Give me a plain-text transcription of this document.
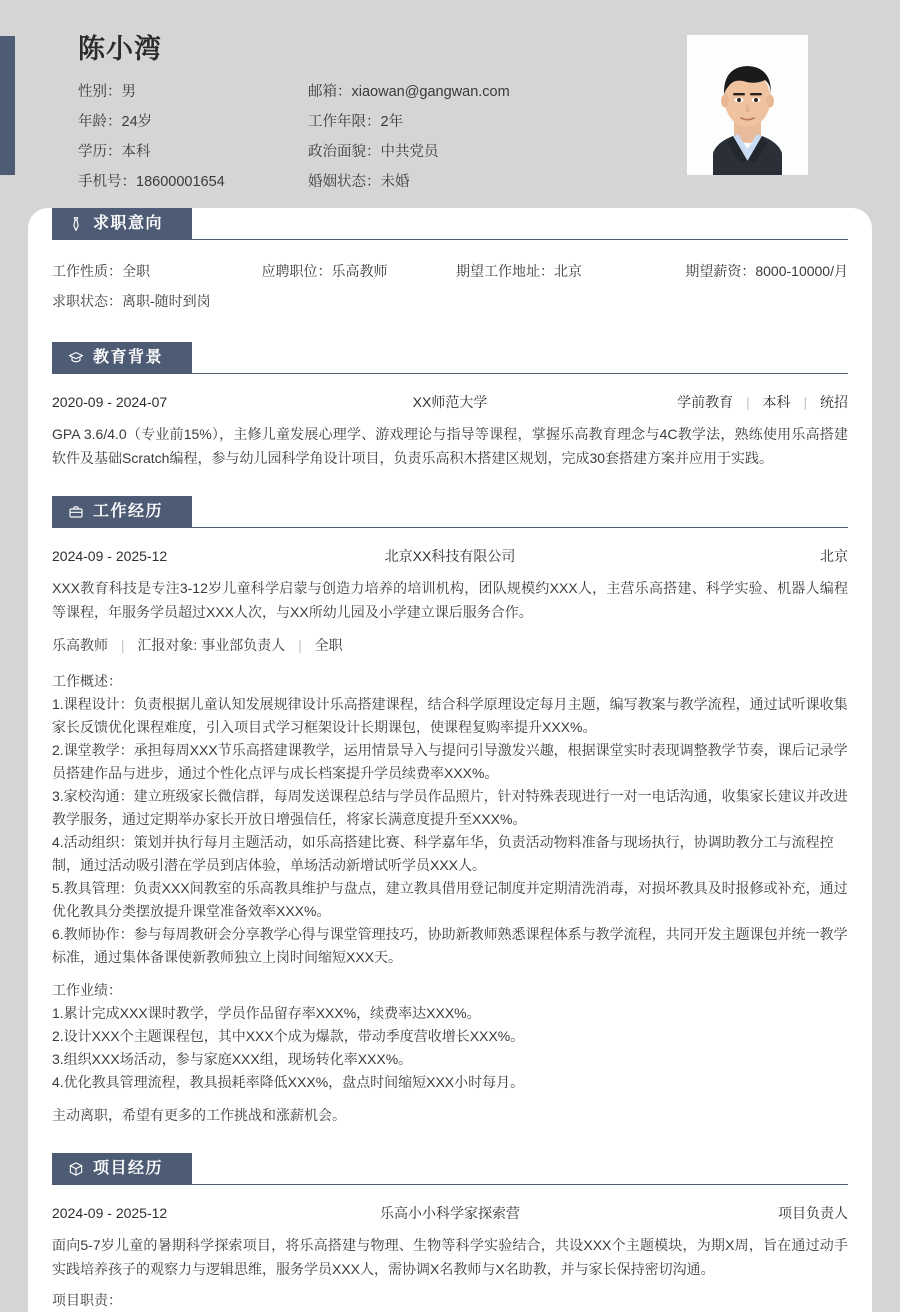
陈小湾
性别：男	邮箱：xiaowan@gangwan.com
年龄：24岁	工作年限：2年
学历：本科	政治面貌：中共党员
手机号：18600001654	婚姻状态：未婚
求职意向
工作性质：全职	应聘职位：乐高教师	期望工作地址：北京	期望薪资：8000-10000/月
求职状态：离职-随时到岗
教育背景
2020-09 - 2024-07	XX师范大学	学前教育 | 本科 | 统招

GPA 3.6/4.0（专业前15%），主修儿童发展心理学、游戏理论与指导等课程，掌握乐高教育理念与4C教学法，熟练使用乐高搭建软件及基础Scratch编程，参与幼儿园科学角设计项目，负责乐高积木搭建区规划，完成30套搭建方案并应用于实践。

工作经历
2024-09 - 2025-12	北京XX科技有限公司	北京

XXX教育科技是专注3-12岁儿童科学启蒙与创造力培养的培训机构，团队规模约XXX人，主营乐高搭建、科学实验、机器人编程等课程，年服务学员超过XXX人次，与XX所幼儿园及小学建立课后服务合作。

乐高教师 | 汇报对象: 事业部负责人 | 全职
工作概述：
1.课程设计：负责根据儿童认知发展规律设计乐高搭建课程，结合科学原理设定每月主题，编写教案与教学流程，通过试听课收集家长反馈优化课程难度，引入项目式学习框架设计长期课包，使课程复购率提升XXX%。
2.课堂教学：承担每周XXX节乐高搭建课教学，运用情景导入与提问引导激发兴趣，根据课堂实时表现调整教学节奏，课后记录学员搭建作品与进步，通过个性化点评与成长档案提升学员续费率XXX%。
3.家校沟通：建立班级家长微信群，每周发送课程总结与学员作品照片，针对特殊表现进行一对一电话沟通，收集家长建议并改进教学服务，通过定期举办家长开放日增强信任，将家长满意度提升至XXX%。
4.活动组织：策划并执行每月主题活动，如乐高搭建比赛、科学嘉年华，负责活动物料准备与现场执行，协调助教分工与流程控制，通过活动吸引潜在学员到店体验，单场活动新增试听学员XXX人。
5.教具管理：负责XXX间教室的乐高教具维护与盘点，建立教具借用登记制度并定期清洗消毒，对损坏教具及时报修或补充，通过优化教具分类摆放提升课堂准备效率XXX%。
6.教师协作：参与每周教研会分享教学心得与课堂管理技巧，协助新教师熟悉课程体系与教学流程，共同开发主题课包并统一教学标准，通过集体备课使新教师独立上岗时间缩短XXX天。
工作业绩：
1.累计完成XXX课时教学，学员作品留存率XXX%，续费率达XXX%。
2.设计XXX个主题课程包，其中XXX个成为爆款，带动季度营收增长XXX%。
3.组织XXX场活动，参与家庭XXX组，现场转化率XXX%。
4.优化教具管理流程，教具损耗率降低XXX%，盘点时间缩短XXX小时每月。
主动离职，希望有更多的工作挑战和涨薪机会。
项目经历
2024-09 - 2025-12	乐高小小科学家探索营	项目负责人

面向5-7岁儿童的暑期科学探索项目，将乐高搭建与物理、生物等科学实验结合，共设XXX个主题模块，为期X周，旨在通过动手实践培养孩子的观察力与逻辑思维，服务学员XXX人，需协调X名教师与X名助教，并与家长保持密切沟通。

项目职责：
